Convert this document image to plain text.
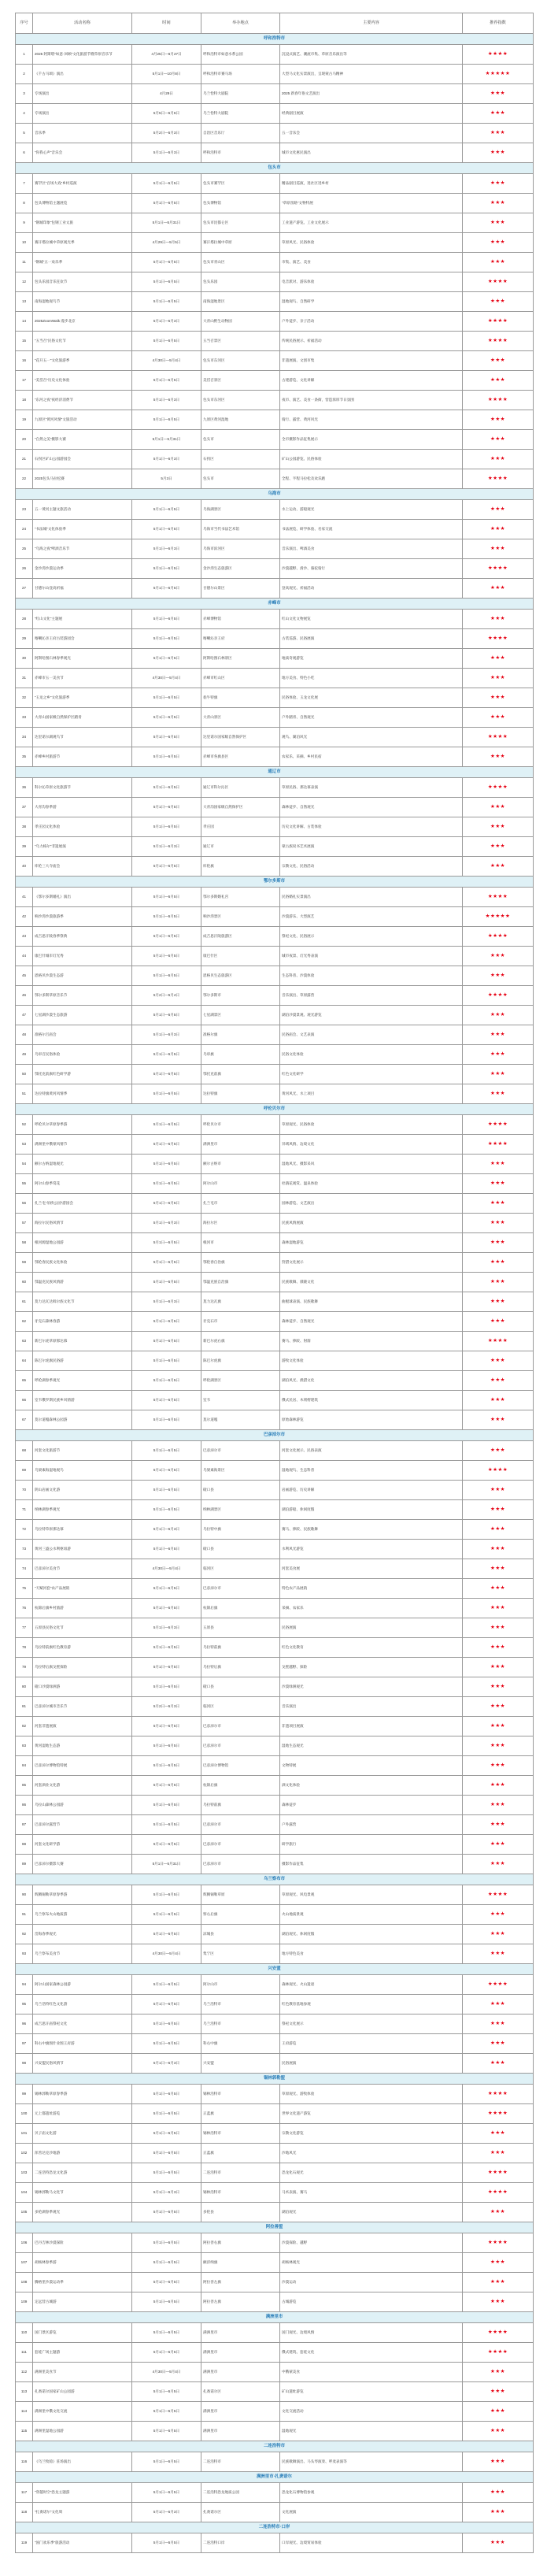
序号	活动名称	时间	举办地点	主要内容	推荐指数
呼和浩特市					
1	2025 阿斯塔“如意·回顾”文化旅游节暨草原音乐节	4月25日—6月27日	呼和浩特市如意水系公园	沉浸式演艺、潮流市集、草原音乐演出等	★★★★
2	《千古马颂》演出	5月1日—10月8日	呼和浩特市赛马场	大型马文化实景演出，呈现蒙古马精神	★★★★★
3	专场演出	4月29日	乌兰恰特大剧院	2025 新春年俗文艺演出	★★★
4	专场演出	5月5日—5月6日	乌兰恰特大剧院	经典剧目展演	★★★
5	音乐季	5月2日—5月3日	自治区音乐厅	五一音乐会	★★★
6	“你我心声”音乐会	5月1日—5月3日	呼和浩特市	城市文化惠民演出	★★★
包头市					
7	赛罕区“百场大戏”乡村巡演	5月1日—5月5日	包头市赛罕区	精品剧目巡演，进社区进乡村	★★★
8	包头博物馆主题展览	5月1日—5月5日	包头博物馆	“草原丝路”文物特展	★★★
9	“钢城印象”包钢工业文旅	5月1日—5月31日	包头市昆都仑区	工业遗产游览、工业文化展示	★★★
10	赛汗塔拉城中草原观光季	4月29日—5月5日	赛汗塔拉城中草原	草原风光、民俗体验	★★★
11	“钢城”五一欢乐季	5月1日—5月5日	包头市青山区	市集、演艺、美食	★★★
12	包头乐园音乐狂欢节	5月1日—5月5日	包头乐园	电音派对、游乐体验	★★★★
13	南海湿地观鸟节	5月1日—5月5日	南海湿地景区	湿地观鸟、自然研学	★★★
14	2025ZoomWalk 漫步北京	5月1日—5月3日	大青山野生动物园	户外徒步、亲子活动	★★★★
15	“五当召”民俗文化节	5月1日—5月5日	五当召景区	传统民俗展示、祈福活动	★★★★
16	“花开五一”文化旅游季	4月30日—5月4日	包头市东河区	非遗展演、文创市集	★★★
17	“美岱召”历史文化体验	5月1日—5月5日	美岱召景区	古建游览、文化讲解	★★★
18	“东河之夜”夜经济消费节	5月1日—5月3日	包头市东河区	夜市、演艺、美食一条街，营造浓厚节日氛围	★★★★
19	九原区“黄河风情”文旅活动	5月1日—5月5日	九原区黄河湿地	骑行、露营、黄河风光	★★★
20	“自然之美”摄影大赛	5月1日—5月31日	包头市	全市摄影作品征集展示	★★★
21	石拐区矿山公园游园会	5月1日—5月3日	石拐区	矿山公园游览、民俗体验	★★★
22	2025包头马拉松赛	5月3日	包头市	全程、半程马拉松及欢乐跑	★★★★
乌海市					
23	五一黄河主题文旅活动	5月1日—5月5日	乌海湖景区	水上运动、游船观光	★★★
24	“书法城”文化体验季	5月1日—5月5日	乌海市当代书法艺术馆	书法展览、研学体验、名家交流	★★★
25	“乌海之夜”啤酒音乐节	5月1日—5月3日	乌海市滨河区	音乐演出、啤酒美食	★★★
26	金沙湾沙漠运动季	5月1日—5月5日	金沙湾生态旅游区	沙漠越野、滑沙、骆驼骑行	★★★★
27	甘德尔山登高祈福	5月1日—5月5日	甘德尔山景区	登高观光、祈福活动	★★★
赤峰市					
28	“红山文化”主题展	5月1日—5月5日	赤峰博物馆	红山文化文物展览	★★★
29	喀喇沁亲王府古装游园会	5月1日—5月5日	喀喇沁亲王府	古装巡游、民俗展演	★★★★
30	阿斯哈图石林春季观光	5月1日—5月5日	阿斯哈图石林景区	地质奇观游览	★★★
31	赤峰市五一美食节	4月30日—5月4日	赤峰市红山区	地方美食、特色小吃	★★★
32	“玉龙之乡”文化旅游季	5月1日—5月5日	翁牛特旗	民俗体验、玉龙文化展	★★★
33	大青山国家级自然保护区踏青	5月1日—5月5日	大青山景区	户外踏青、自然观光	★★★
34	达里诺尔湖观鸟节	5月1日—5月5日	达里诺尔国家级自然保护区	观鸟、湖泊风光	★★★★
35	赤峰乡村旅游节	5月1日—5月5日	赤峰市各旗县区	农家乐、采摘、乡村民宿	★★★
通辽市					
36	科尔沁草原文化旅游节	5月1日—5月5日	通辽市科尔沁区	草原民俗、那达慕表演	★★★★
37	大青沟春季游	5月1日—5月5日	大青沟国家级自然保护区	森林徒步、自然观光	★★★
38	孝庄园文化体验	5月1日—5月5日	孝庄园	历史文化讲解、古装体验	★★★
39	“乌力格尔”非遗展演	5月1日—5月3日	通辽市	蒙古族说书艺术展演	★★★
40	库伦三大寺庙会	5月1日—5月5日	库伦旗	宗教文化、民俗活动	★★★
鄂尔多斯市					
41	《鄂尔多斯婚礼》演出	5月1日—5月5日	鄂尔多斯婚礼宫	民俗婚礼实景演出	★★★★
42	响沙湾沙漠旅游季	5月1日—5月5日	响沙湾景区	沙漠游乐、大型演艺	★★★★★
43	成吉思汗陵春季祭典	5月1日—5月5日	成吉思汗陵旅游区	祭祀文化、民俗展示	★★★★
44	康巴什城市灯光秀	5月1日—5月5日	康巴什区	城市夜景、灯光秀表演	★★★
45	恩格贝沙漠生态游	5月1日—5月5日	恩格贝生态旅游区	生态科普、沙漠体验	★★★
46	鄂尔多斯草原音乐节	5月2日—5月4日	鄂尔多斯市	音乐演出、草原露营	★★★★
47	七星湖沙漠生态旅游	5月1日—5月5日	七星湖景区	湖泊沙漠景观、观光游览	★★★
48	准格尔召庙会	5月1日—5月3日	准格尔旗	民俗庙会、文艺表演	★★★
49	乌审召民俗体验	5月1日—5月5日	乌审旗	民俗文化体验	★★★
50	鄂托克前旗红色研学游	5月1日—5月5日	鄂托克前旗	红色文化研学	★★★
51	达拉特旗黄河风情季	5月1日—5月5日	达拉特旗	黄河风光、水上项目	★★★
呼伦贝尔市					
52	呼伦贝尔草原春季游	5月1日—5月5日	呼伦贝尔市	草原观光、民俗体验	★★★★
53	满洲里中俄蒙风情节	5月1日—5月5日	满洲里市	异域风情、边境文化	★★★★
54	额尔古纳湿地观光	5月1日—5月5日	额尔古纳市	湿地风光、摄影采风	★★★
55	阿尔山春季赏花	5月1日—5月5日	阿尔山市	杜鹃花观赏、温泉体验	★★★
56	扎兰屯“吊桥公园”游园会	5月1日—5月5日	扎兰屯市	园林游览、文艺演出	★★★
57	海拉尔民俗风情节	5月1日—5月3日	海拉尔区	民族风情展演	★★★
58	根河源湿地公园游	5月1日—5月5日	根河市	森林湿地游览	★★★
59	鄂伦春民族文化体验	5月1日—5月5日	鄂伦春自治旗	狩猎文化展示	★★★
60	鄂温克民族风情游	5月1日—5月5日	鄂温克族自治旗	民族歌舞、驯鹿文化	★★★
61	莫力达瓦达斡尔族文化节	5月1日—5月3日	莫力达瓦旗	曲棍球表演、民族歌舞	★★★
62	牙克石森林春游	5月1日—5月5日	牙克石市	森林徒步、自然观光	★★★
63	新巴尔虎草原那达慕	5月1日—5月5日	新巴尔虎右旗	赛马、摔跤、射箭	★★★★
64	陈巴尔虎旗民俗游	5月1日—5月5日	陈巴尔虎旗	游牧文化体验	★★★
65	呼伦湖春季观光	5月1日—5月5日	呼伦湖景区	湖泊风光、渔猎文化	★★★
66	室韦俄罗斯民族乡风情游	5月1日—5月5日	室韦	俄式民居、木刻楞建筑	★★★
67	莫尔道嘎森林公园游	5月1日—5月5日	莫尔道嘎	原始森林游览	★★★
巴彦淖尔市					
68	河套文化旅游节	5月1日—5月5日	巴彦淖尔市	河套文化展示、民俗表演	★★★
69	乌梁素海湿地观鸟	5月1日—5月5日	乌梁素海景区	湿地观鸟、生态科普	★★★★
70	阴山岩画文化游	5月1日—5月5日	磴口县	岩画游览、历史讲解	★★★
71	纳林湖春季观光	5月1日—5月5日	纳林湖景区	湖泊游船、休闲度假	★★★
72	乌拉特草原那达慕	5月1日—5月3日	乌拉特中旗	赛马、摔跤、民族歌舞	★★★
73	黄河三盛公水利枢纽游	5月1日—5月5日	磴口县	水利风光游览	★★★
74	巴彦淖尔美食节	4月30日—5月4日	临河区	河套美食展	★★★
75	“天赋河套”农产品展销	5月1日—5月5日	巴彦淖尔市	特色农产品展销	★★★
76	杭锦后旗乡村旅游	5月1日—5月5日	杭锦后旗	采摘、农家乐	★★★
77	五原县民俗文化节	5月1日—5月3日	五原县	民俗展演	★★★
78	乌拉特前旗红色教育游	5月1日—5月5日	乌拉特前旗	红色文化教育	★★★
79	乌拉特后旗戈壁探险	5月1日—5月5日	乌拉特后旗	戈壁越野、探险	★★★
80	磴口沙漠绿洲游	5月1日—5月5日	磴口县	沙漠绿洲观光	★★★
81	巴彦淖尔城市音乐节	5月2日—5月3日	临河区	音乐演出	★★★
82	河套非遗展演	5月1日—5月5日	巴彦淖尔市	非遗项目展演	★★★
83	黄河湿地生态游	5月1日—5月5日	巴彦淖尔市	湿地生态观光	★★★
84	巴彦淖尔博物馆特展	5月1日—5月5日	巴彦淖尔博物馆	文物特展	★★★
85	河套酒业文化游	5月1日—5月5日	杭锦后旗	酒文化体验	★★★
86	乌拉山森林公园游	5月1日—5月5日	乌拉特前旗	森林徒步	★★★
87	巴彦淖尔露营节	5月1日—5月5日	巴彦淖尔市	户外露营	★★★
88	河套文化研学游	5月1日—5月5日	巴彦淖尔市	研学旅行	★★★
89	巴彦淖尔摄影大赛	5月1日—5月31日	巴彦淖尔市	摄影作品征集	★★★
乌兰察布市					
90	辉腾锡勒草原春季游	5月1日—5月5日	辉腾锡勒草原	草原观光、风电景观	★★★★
91	乌兰察布火山地质游	5月1日—5月5日	察右后旗	火山地质景观	★★★
92	岱海春季观光	5月1日—5月5日	凉城县	湖泊观光、休闲度假	★★★
93	乌兰察布美食节	4月30日—5月4日	集宁区	地方特色美食	★★★
兴安盟					
94	阿尔山国家森林公园游	5月1日—5月5日	阿尔山市	森林观光、火山遗迹	★★★★
95	乌兰浩特红色文化游	5月1日—5月5日	乌兰浩特市	红色教育基地参观	★★★
96	成吉思汗庙祭祀文化	5月1日—5月5日	乌兰浩特市	祭祀文化展示	★★★
97	科右中旗图什业图王府游	5月1日—5月5日	科右中旗	王府游览	★★★
98	兴安盟民俗风情节	5月1日—5月3日	兴安盟	民俗展演	★★★
锡林郭勒盟					
99	锡林郭勒草原春季游	5月1日—5月5日	锡林浩特市	草原观光、游牧体验	★★★★
100	元上都遗址游览	5月1日—5月5日	正蓝旗	世界文化遗产游览	★★★★
101	贝子庙文化游	5月1日—5月5日	锡林浩特市	宗教文化游览	★★★
102	浑善达克沙地游	5月1日—5月5日	正蓝旗	沙地风光	★★★
103	二连浩特恐龙文化游	5月1日—5月5日	二连浩特市	恐龙化石观光	★★★★
104	锡林郭勒马文化节	5月1日—5月3日	锡林浩特市	马术表演、赛马	★★★★
105	多伦湖春季观光	5月1日—5月5日	多伦县	湖泊观光	★★★
阿拉善盟					
106	巴丹吉林沙漠探险	5月1日—5月5日	阿拉善右旗	沙漠探险、越野	★★★★
107	胡杨林春季游	5月1日—5月5日	额济纳旗	胡杨林观光	★★★
108	腾格里沙漠运动季	5月1日—5月5日	阿拉善左旗	沙漠运动	★★★
109	定远营古城游	5月1日—5月5日	阿拉善左旗	古城游览	★★★
满洲里市					
110	国门景区游览	5月1日—5月5日	满洲里市	国门观光、边境风情	★★★★
111	套娃广场主题游	5月1日—5月5日	满洲里市	俄式建筑、套娃文化	★★★★
112	满洲里美食节	4月30日—5月4日	满洲里市	中俄蒙美食	★★★
113	扎赉诺尔国家矿山公园游	5月1日—5月5日	扎赉诺尔区	矿山遗址游览	★★★
114	满洲里中俄文化交流	5月1日—5月5日	满洲里市	文化交流活动	★★★
115	满洲里湿地公园游	5月1日—5月5日	满洲里市	湿地观光	★★★
二连浩特市					
116	《乌兰牧骑》驻场演出	5月1日—5月5日	二连浩特市	民族歌舞演出、马头琴演奏、呼麦表演等	★★★
满洲里市·扎赉诺尔					
117	“穿越时空”恐龙主题游	5月1日—5月5日	二连浩特恐龙地质公园	恐龙化石博物馆参观	★★★
118	“扎赉诺尔”文化周	5月1日—5月3日	扎赉诺尔区	文化展演	★★★
二连浩特市·口岸					
119	“国门欢乐季”旅游活动	5月1日—5月5日	二连浩特口岸	口岸观光、边境贸易体验	★★★
